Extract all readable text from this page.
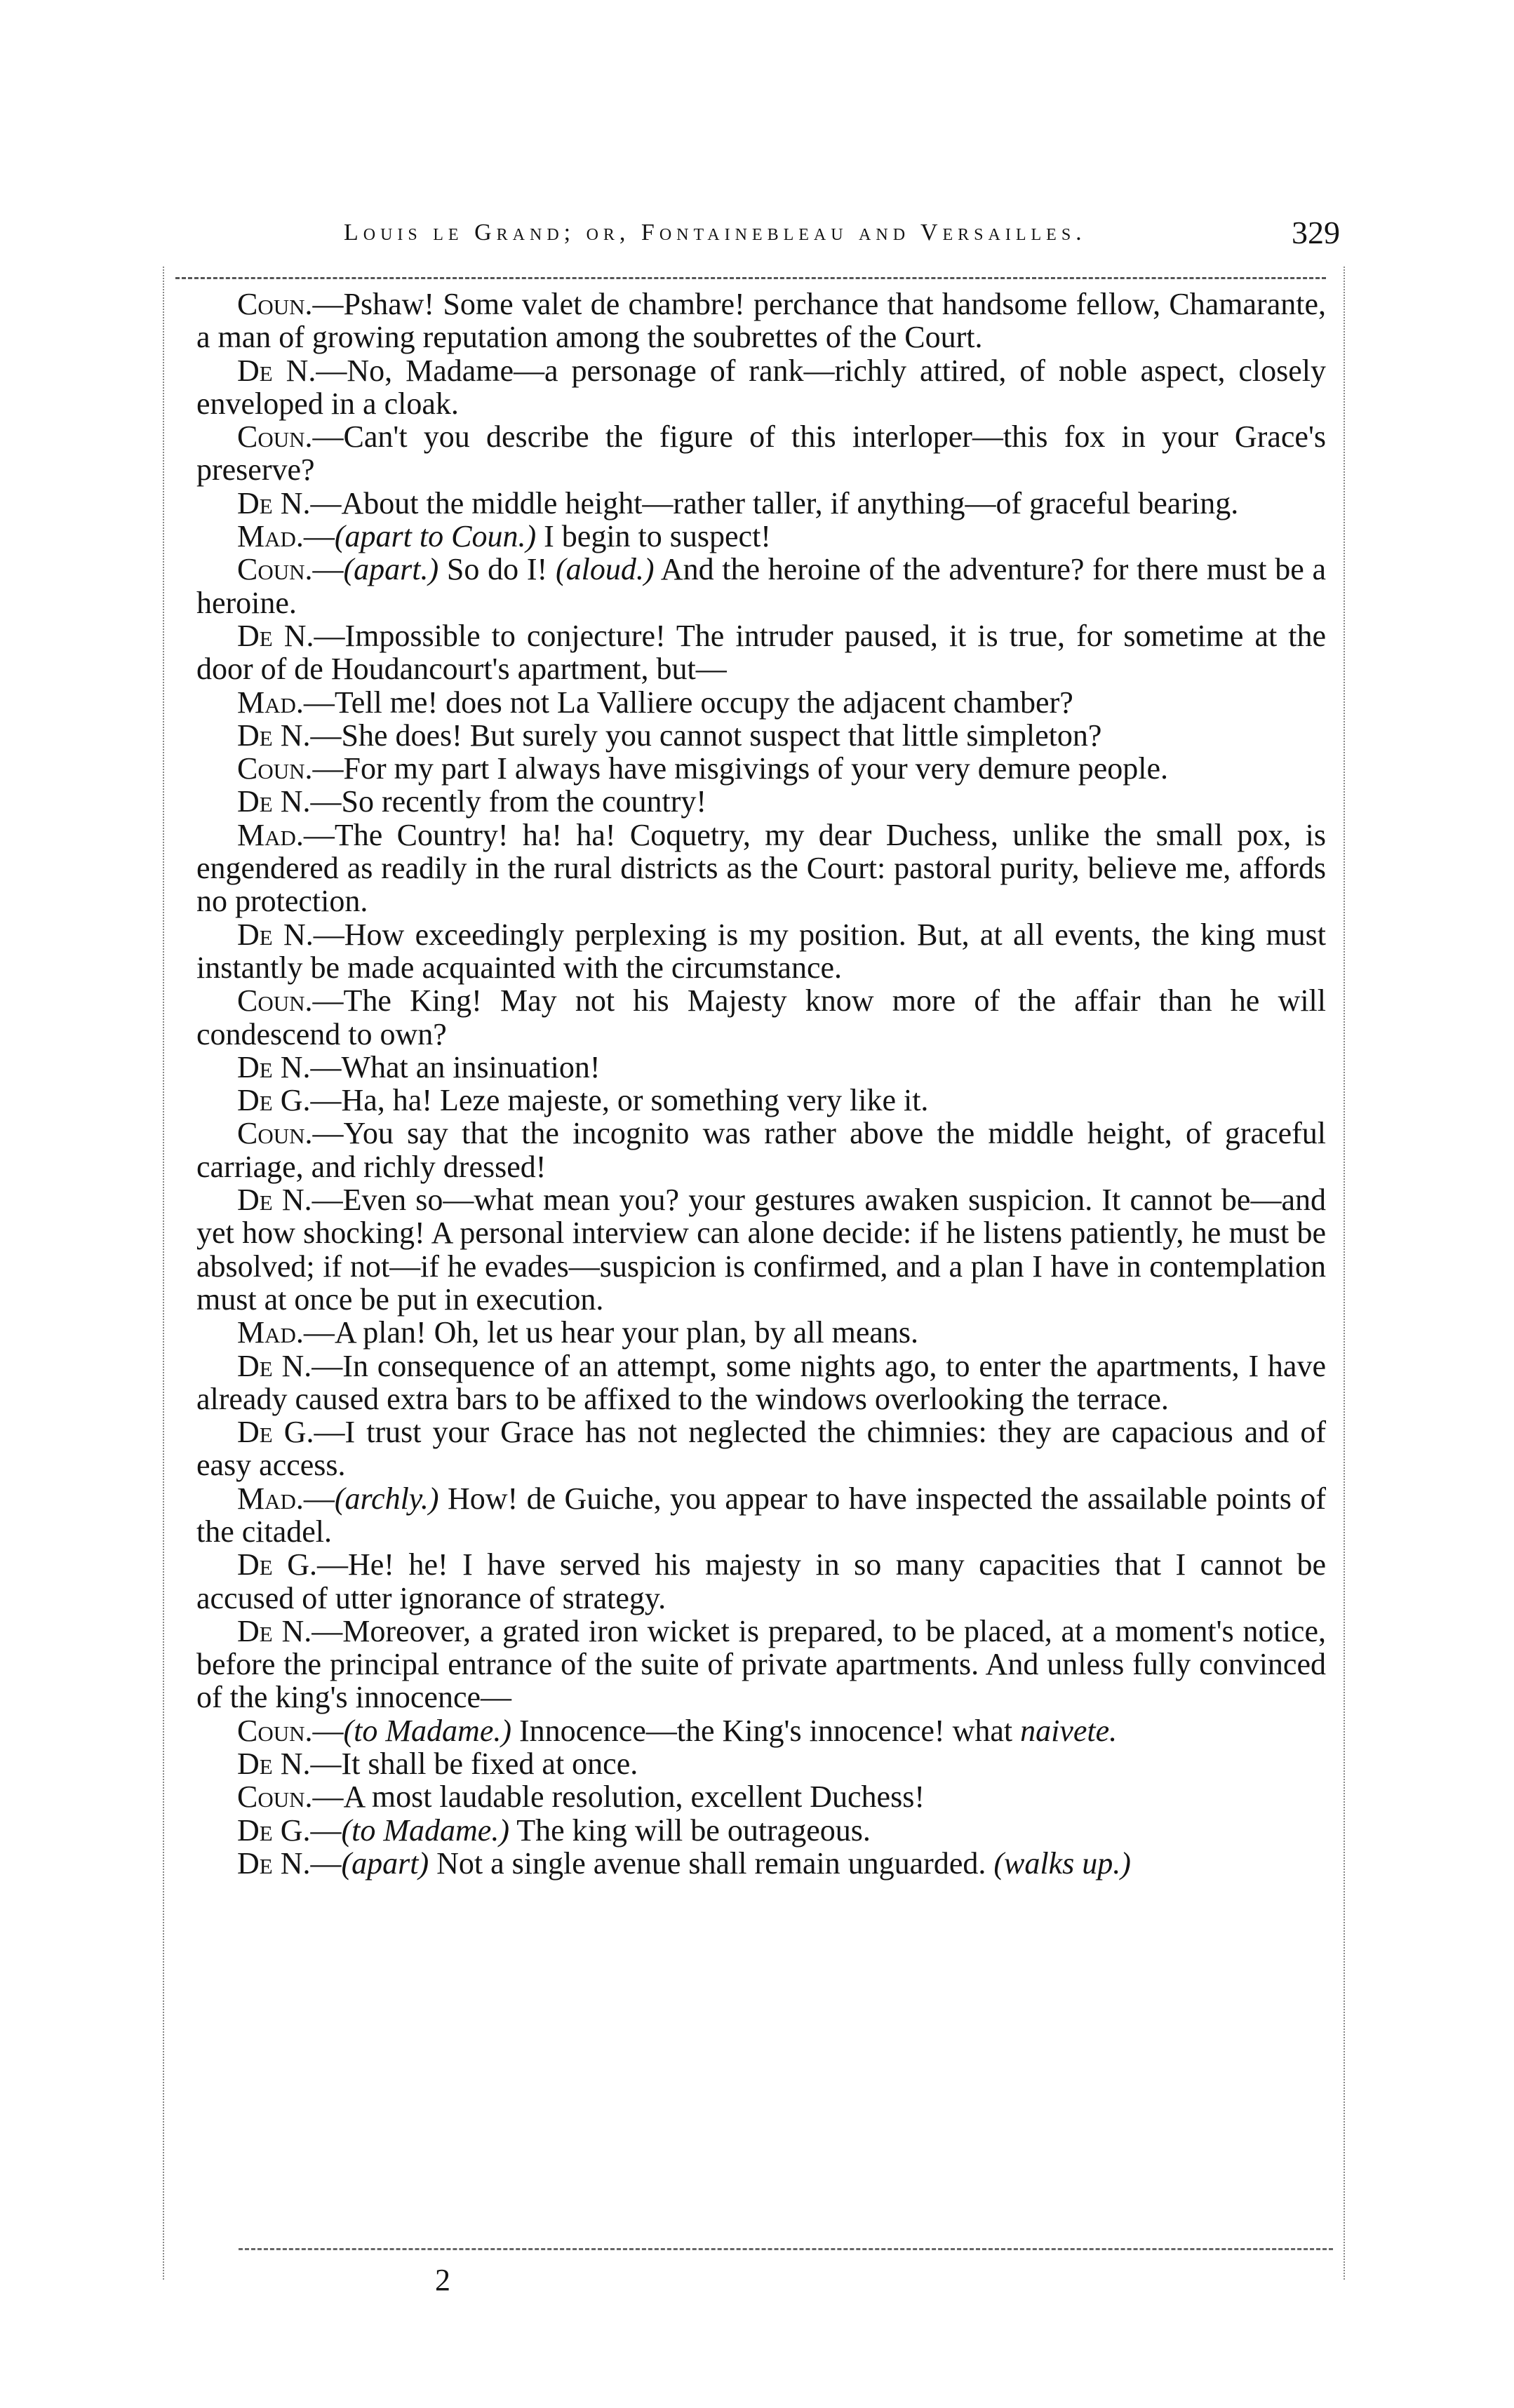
Louis le Grand; or, Fontainebleau and Versailles.	329

Coun.—Pshaw! Some valet de chambre! perchance that handsome fellow, Chamarante, a man of growing reputation among the soubrettes of the Court.

De N.—No, Madame—a personage of rank—richly attired, of noble aspect, closely enveloped in a cloak.

Coun.—Can't you describe the figure of this interloper—this fox in your Grace's preserve?

De N.—About the middle height—rather taller, if anything—of graceful bearing.

Mad.—(apart to Coun.) I begin to suspect!

Coun.—(apart.) So do I! (aloud.) And the heroine of the adventure? for there must be a heroine.

De N.—Impossible to conjecture! The intruder paused, it is true, for sometime at the door of de Houdancourt's apartment, but—

Mad.—Tell me! does not La Valliere occupy the adjacent chamber?

De N.—She does! But surely you cannot suspect that little simpleton?

Coun.—For my part I always have misgivings of your very demure people.

De N.—So recently from the country!

Mad.—The Country! ha! ha! Coquetry, my dear Duchess, unlike the small pox, is engendered as readily in the rural districts as the Court: pastoral purity, believe me, affords no protection.

De N.—How exceedingly perplexing is my position. But, at all events, the king must instantly be made acquainted with the circumstance.

Coun.—The King! May not his Majesty know more of the affair than he will condescend to own?

De N.—What an insinuation!

De G.—Ha, ha! Leze majeste, or something very like it.

Coun.—You say that the incognito was rather above the middle height, of graceful carriage, and richly dressed!

De N.—Even so—what mean you? your gestures awaken suspicion. It cannot be—and yet how shocking! A personal interview can alone decide: if he listens patiently, he must be absolved; if not—if he evades—suspicion is confirmed, and a plan I have in contemplation must at once be put in execution.

Mad.—A plan! Oh, let us hear your plan, by all means.

De N.—In consequence of an attempt, some nights ago, to enter the apartments, I have already caused extra bars to be affixed to the windows overlooking the terrace.

De G.—I trust your Grace has not neglected the chimnies: they are capacious and of easy access.

Mad.—(archly.) How! de Guiche, you appear to have inspected the assailable points of the citadel.

De G.—He! he! I have served his majesty in so many capacities that I cannot be accused of utter ignorance of strategy.

De N.—Moreover, a grated iron wicket is prepared, to be placed, at a moment's notice, before the principal entrance of the suite of private apartments. And unless fully convinced of the king's innocence—

Coun.—(to Madame.) Innocence—the King's innocence! what naivete.

De N.—It shall be fixed at once.

Coun.—A most laudable resolution, excellent Duchess!

De G.—(to Madame.) The king will be outrageous.

De N.—(apart) Not a single avenue shall remain unguarded. (walks up.)

2
